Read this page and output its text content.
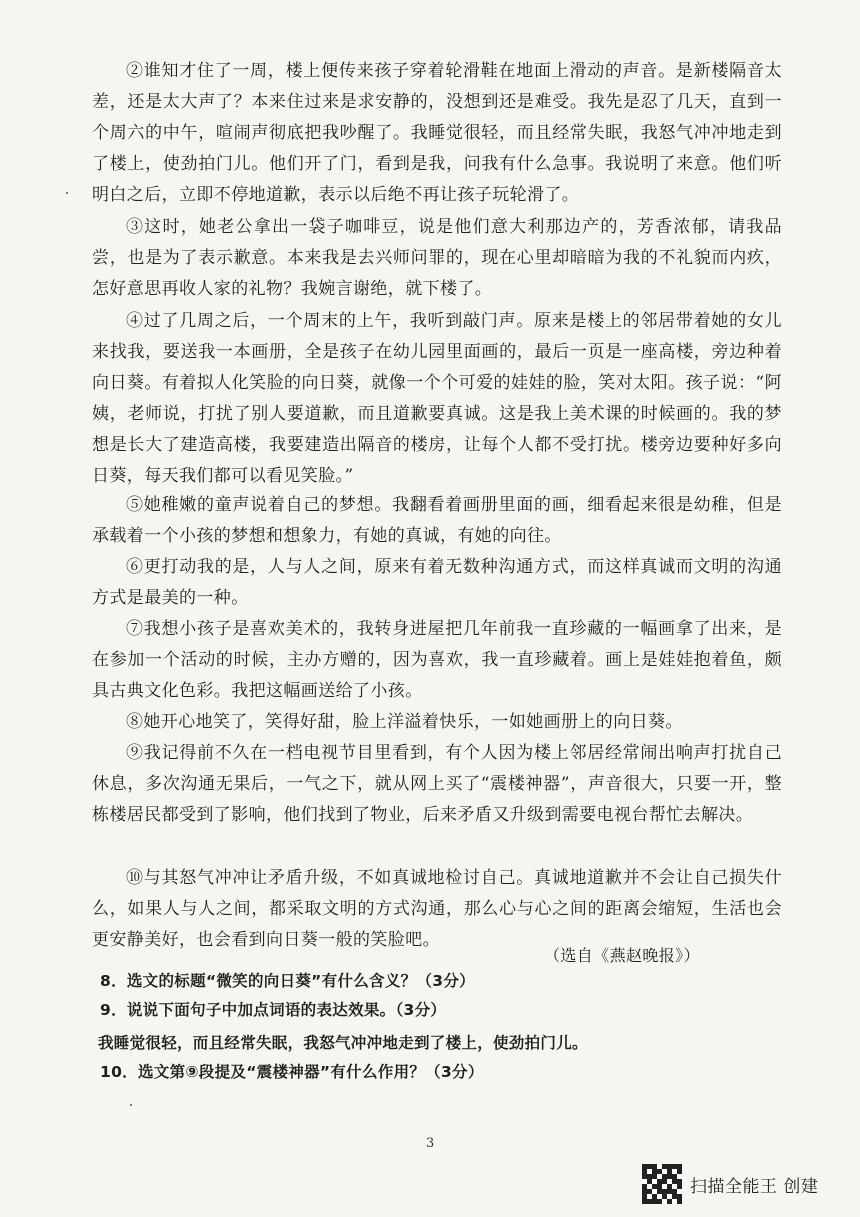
②谁知才住了一周，楼上便传来孩子穿着轮滑鞋在地面上滑动的声音。是新楼隔音太差，还是太大声了？本来住过来是求安静的，没想到还是难受。我先是忍了几天，直到一个周六的中午，喧闹声彻底把我吵醒了。我睡觉很轻，而且经常失眠，我怒气冲冲地走到了楼上，使劲拍门儿。他们开了门，看到是我，问我有什么急事。我说明了来意。他们听明白之后，立即不停地道歉，表示以后绝不再让孩子玩轮滑了。

③这时，她老公拿出一袋子咖啡豆，说是他们意大利那边产的，芳香浓郁，请我品尝，也是为了表示歉意。本来我是去兴师问罪的，现在心里却暗暗为我的不礼貌而内疚，怎好意思再收人家的礼物？我婉言谢绝，就下楼了。

④过了几周之后，一个周末的上午，我听到敲门声。原来是楼上的邻居带着她的女儿来找我，要送我一本画册，全是孩子在幼儿园里面画的，最后一页是一座高楼，旁边种着向日葵。有着拟人化笑脸的向日葵，就像一个个可爱的娃娃的脸，笑对太阳。孩子说：“阿姨，老师说，打扰了别人要道歉，而且道歉要真诚。这是我上美术课的时候画的。我的梦想是长大了建造高楼，我要建造出隔音的楼房，让每个人都不受打扰。楼旁边要种好多向日葵，每天我们都可以看见笑脸。”

⑤她稚嫩的童声说着自己的梦想。我翻看着画册里面的画，细看起来很是幼稚，但是承载着一个小孩的梦想和想象力，有她的真诚，有她的向往。

⑥更打动我的是，人与人之间，原来有着无数种沟通方式，而这样真诚而文明的沟通方式是最美的一种。

⑦我想小孩子是喜欢美术的，我转身进屋把几年前我一直珍藏的一幅画拿了出来，是在参加一个活动的时候，主办方赠的，因为喜欢，我一直珍藏着。画上是娃娃抱着鱼，颇具古典文化色彩。我把这幅画送给了小孩。

⑧她开心地笑了，笑得好甜，脸上洋溢着快乐，一如她画册上的向日葵。

⑨我记得前不久在一档电视节目里看到，有个人因为楼上邻居经常闹出响声打扰自己休息，多次沟通无果后，一气之下，就从网上买了“震楼神器”，声音很大，只要一开，整栋楼居民都受到了影响，他们找到了物业，后来矛盾又升级到需要电视台帮忙去解决。

⑩与其怒气冲冲让矛盾升级，不如真诚地检讨自己。真诚地道歉并不会让自己损失什么，如果人与人之间，都采取文明的方式沟通，那么心与心之间的距离会缩短，生活也会更安静美好，也会看到向日葵一般的笑脸吧。

（选自《燕赵晚报》）
8．选文的标题“微笑的向日葵”有什么含义？（3分）
9．说说下面句子中加点词语的表达效果。（3分）
我睡觉很轻，而且经常失眠，我怒气冲冲地走到了楼上，使劲拍门儿。
10．选文第⑨段提及“震楼神器”有什么作用？（3分）
3
扫描全能王 创建
